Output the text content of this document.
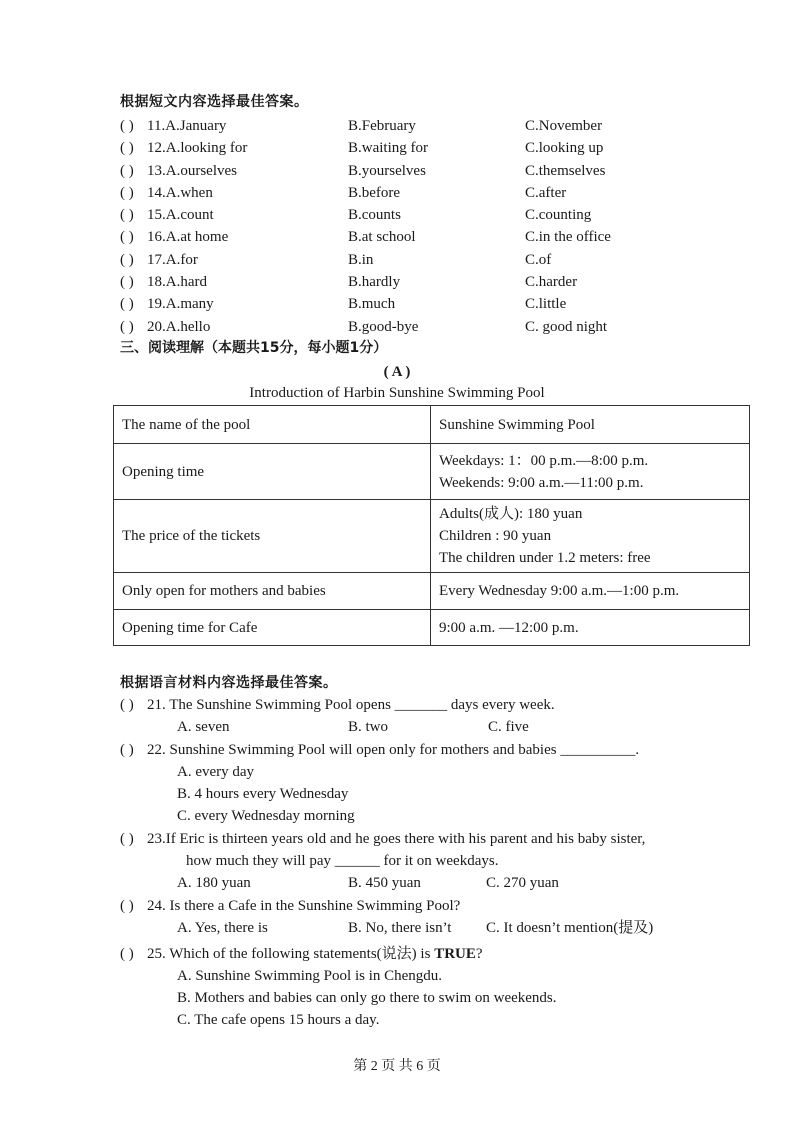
根据短文内容选择最佳答案。
( ) 11.A.January	B.February	C.November
( ) 12.A.looking for	B.waiting for	C.looking up
( ) 13.A.ourselves	B.yourselves	C.themselves
( ) 14.A.when	B.before	C.after
( ) 15.A.count	B.counts	C.counting
( ) 16.A.at home	B.at school	C.in the office
( ) 17.A.for	B.in	C.of
( ) 18.A.hard	B.hardly	C.harder
( ) 19.A.many	B.much	C.little
( ) 20.A.hello	B.good-bye	C. good night
三、阅读理解（本题共15分，每小题1分）
( A )
Introduction of Harbin Sunshine Swimming Pool
The name of the pool	Sunshine Swimming Pool
Opening time	Weekdays: 1：00 p.m.—8:00 p.m.
Weekends: 9:00 a.m.—11:00 p.m.

The price of the tickets	Adults(成人): 180 yuan
Children : 90 yuan
The children under 1.2 meters: free

Only open for mothers and babies	Every Wednesday 9:00 a.m.—1:00 p.m.
Opening time for Cafe	9:00 a.m. —12:00 p.m.
根据语言材料内容选择最佳答案。
( ) 21. The Sunshine Swimming Pool opens _______ days every week.
A. seven	B. two	C. five
( ) 22. Sunshine Swimming Pool will open only for mothers and babies __________.
A. every day
B. 4 hours every Wednesday
C. every Wednesday morning
( ) 23.If Eric is thirteen years old and he goes there with his parent and his baby sister,
how much they will pay ______ for it on weekdays.
A. 180 yuan	B. 450 yuan	C. 270 yuan
( ) 24. Is there a Cafe in the Sunshine Swimming Pool?
A. Yes, there is	B. No, there isn’t C. It doesn’t mention(提及)
( ) 25. Which of the following statements(说法) is TRUE?
A. Sunshine Swimming Pool is in Chengdu.
B. Mothers and babies can only go there to swim on weekends.
C. The cafe opens 15 hours a day.
第 2 页 共 6 页
